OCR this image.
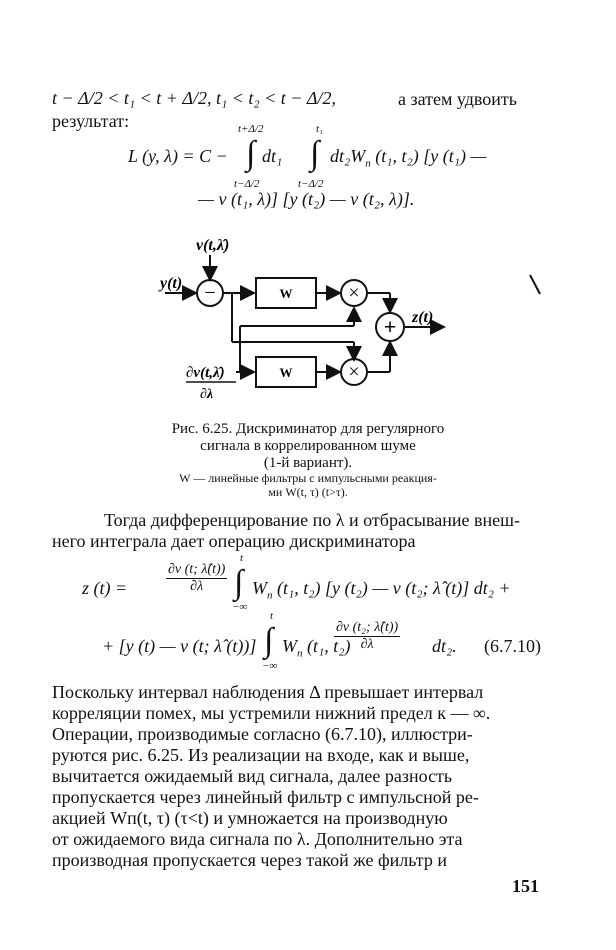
t − Δ/2 < t₁ < t + Δ/2, t₁ < t₂ < t − Δ/2,	а затем удвоить
результат:
L (y, λ) = C −
t+Δ/2
∫
t−Δ/2
dt₁
t₁
∫
t−Δ/2
$dt_2W_п$ (t₁, t₂) [y (t₁) —
— v (t₁, λ)] [y (t₂) — v (t₂, λ)].
−	×
×
+
W
W
v(t,λ̂)
y(t)
∂v(t,λ̂)
∂λ
z(t)
Рис. 6.25. Дискриминатор для регулярного
сигнала в коррелированном шуме
(1-й вариант).
W — линейные фильтры с импульсными реакция-
ми W(t, τ) (t>τ).
Тогда дифференцирование по λ и отбрасывание внеш-
него интеграла дает операцию дискриминатора
z (t) =	$\frac{\partial v (t; \lambdâ(t))}{\partial\lambda}$
t
∫
−∞
$W_п$ (t₁, t₂) [y (t₂) — v (t₂; λ̂ (t)] dt₂ +
+ [y (t) — v (t; λ̂ (t))]
t
∫
−∞
$W_п$ (t₁, t₂)
$\frac{\text{∂v (t₂; λ̂(t))}}{\partial\lambda} dt_2$. (6.7.10)
Поскольку интервал наблюдения Δ превышает интервал
корреляции помех, мы устремили нижний предел к — ∞.
Операции, производимые согласно (6.7.10), иллюстри-
руются рис. 6.25. Из реализации на входе, как и выше,
вычитается ожидаемый вид сигнала, далее разность
пропускается через линейный фильтр с импульсной ре-
акцией Wп(t, τ) (τ<t) и умножается на производную
от ожидаемого вида сигнала по λ. Дополнительно эта
производная пропускается через такой же фильтр и
151
